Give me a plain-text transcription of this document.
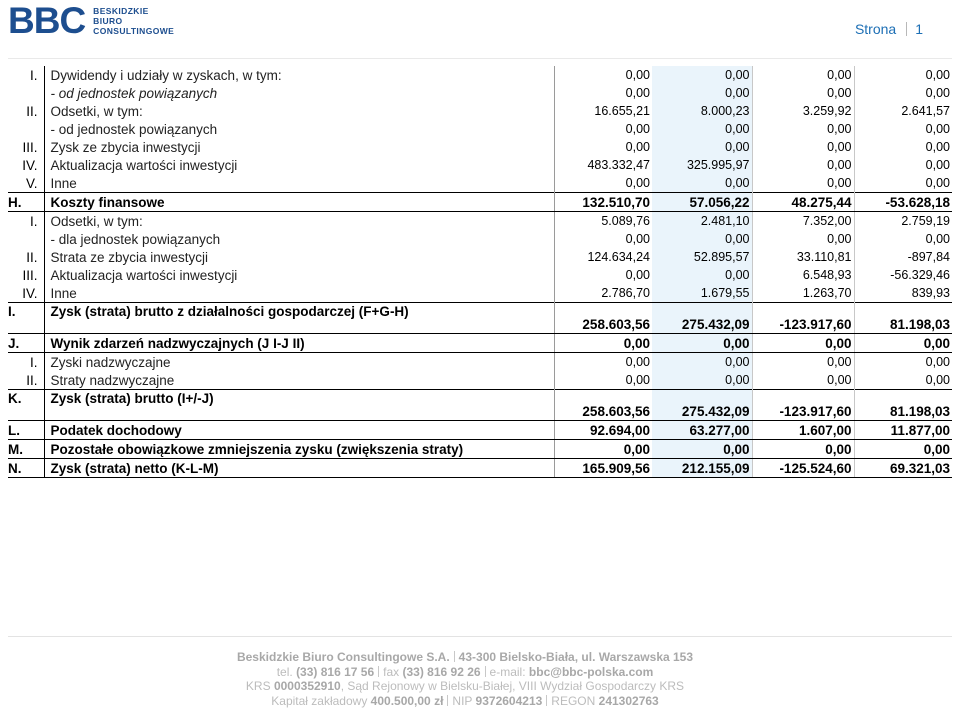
BBC BESKIDZKIE
BIURO
CONSULTINGOWE	Strona 1
I.	Dywidendy i udziały w zyskach, w tym:	0,00	0,00	0,00	0,00
	- od jednostek powiązanych	0,00	0,00	0,00	0,00
II.	Odsetki, w tym:	16.655,21	8.000,23	3.259,92	2.641,57
	- od jednostek powiązanych	0,00	0,00	0,00	0,00
III.	Zysk ze zbycia inwestycji	0,00	0,00	0,00	0,00
IV.	Aktualizacja wartości inwestycji	483.332,47	325.995,97	0,00	0,00
V.	Inne	0,00	0,00	0,00	0,00
H.	Koszty finansowe	132.510,70	57.056,22	48.275,44	-53.628,18
I.	Odsetki, w tym:	5.089,76	2.481,10	7.352,00	2.759,19
	- dla jednostek powiązanych	0,00	0,00	0,00	0,00
II.	Strata ze zbycia inwestycji	124.634,24	52.895,57	33.110,81	-897,84
III.	Aktualizacja wartości inwestycji	0,00	0,00	6.548,93	-56.329,46
IV.	Inne	2.786,70	1.679,55	1.263,70	839,93
I.	Zysk (strata) brutto z działalności gospodarczej (F+G-H)	258.603,56	275.432,09	-123.917,60	81.198,03
J.	Wynik zdarzeń nadzwyczajnych (J I-J II)	0,00	0,00	0,00	0,00
I.	Zyski nadzwyczajne	0,00	0,00	0,00	0,00
II.	Straty nadzwyczajne	0,00	0,00	0,00	0,00
K.	Zysk (strata) brutto (I+/-J)	258.603,56	275.432,09	-123.917,60	81.198,03
L.	Podatek dochodowy	92.694,00	63.277,00	1.607,00	11.877,00
M.	Pozostałe obowiązkowe zmniejszenia zysku (zwiększenia straty)	0,00	0,00	0,00	0,00
N.	Zysk (strata) netto (K-L-M)	165.909,56	212.155,09	-125.524,60	69.321,03
Beskidzkie Biuro Consultingowe S.A. 43-300 Bielsko-Biała, ul. Warszawska 153
tel. (33) 816 17 56 fax (33) 816 92 26 e-mail: bbc@bbc-polska.com
KRS 0000352910, Sąd Rejonowy w Bielsku-Białej, VIII Wydział Gospodarczy KRS
Kapitał zakładowy 400.500,00 zł NIP 9372604213 REGON 241302763
